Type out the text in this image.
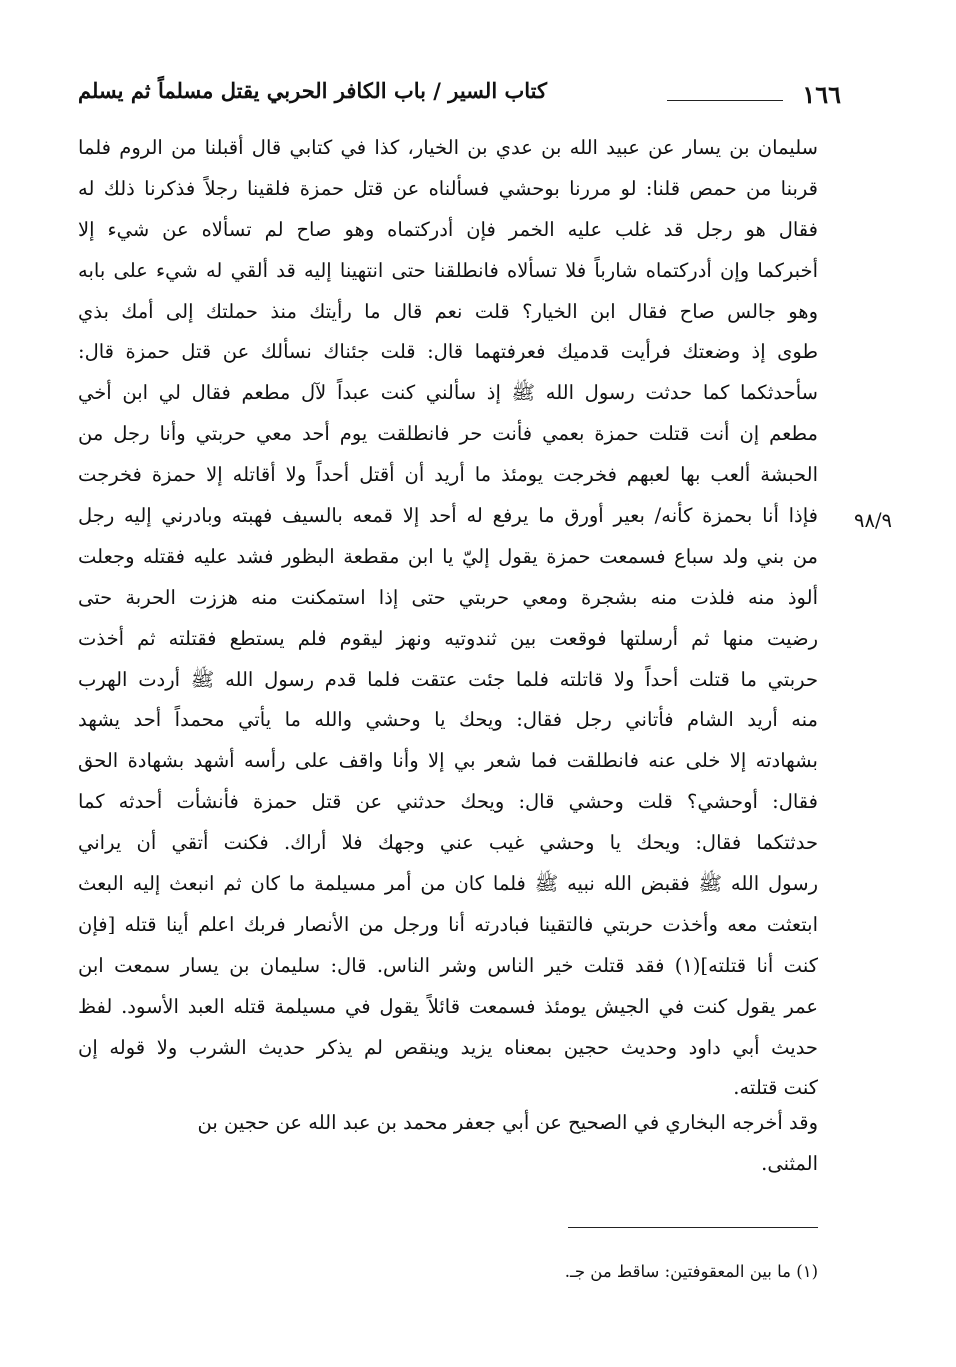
١٦٦
كتاب السير / باب الكافر الحربي يقتل مسلماً ثم يسلم
٩٨/٩
سليمان بن يسار عن عبيد الله بن عدي بن الخيار، كذا في كتابي قال أقبلنا من الروم فلما
قربنا من حمص قلنا: لو مررنا بوحشي فسألناه عن قتل حمزة فلقينا رجلاً فذكرنا ذلك له
فقال هو رجل قد غلب عليه الخمر فإن أدركتماه وهو صاح لم تسألاه عن شيء إلا
أخبركما وإن أدركتماه شارباً فلا تسألاه فانطلقنا حتى انتهينا إليه قد ألقي له شيء على بابه
وهو جالس صاح فقال ابن الخيار؟ قلت نعم قال ما رأيتك منذ حملتك إلى أمك بذي
طوى إذ وضعتك فرأيت قدميك فعرفتهما قال: قلت جئناك نسألك عن قتل حمزة قال:
سأحدثكما كما حدثت رسول الله ﷺ إذ سألني كنت عبداً لآل مطعم فقال لي ابن أخي
مطعم إن أنت قتلت حمزة بعمي فأنت حر فانطلقت يوم أحد معي حربتي وأنا رجل من
الحبشة ألعب بها لعبهم فخرجت يومئذ ما أريد أن أقتل أحداً ولا أقاتله إلا حمزة فخرجت
فإذا أنا بحمزة كأنه/ بعير أورق ما يرفع له أحد إلا قمعه بالسيف فهبته وبادرني إليه رجل
من بني ولد سباع فسمعت حمزة يقول إليّ يا ابن مقطعة البظور فشد عليه فقتله وجعلت
ألوذ منه فلذت منه بشجرة ومعي حربتي حتى إذا استمكنت منه هززت الحربة حتى
رضيت منها ثم أرسلتها فوقعت بين ثندوتيه ونهز ليقوم فلم يستطع فقتلته ثم أخذت
حربتي ما قتلت أحداً ولا قاتلته فلما جئت عتقت فلما قدم رسول الله ﷺ أردت الهرب
منه أريد الشام فأتاني رجل فقال: ويحك يا وحشي والله ما يأتي محمداً أحد يشهد
بشهادته إلا خلى عنه فانطلقت فما شعر بي إلا وأنا واقف على رأسه أشهد بشهادة الحق
فقال: أوحشي؟ قلت وحشي قال: ويحك حدثني عن قتل حمزة فأنشأت أحدثه كما
حدثتكما فقال: ويحك يا وحشي غيب عني وجهك فلا أراك. فكنت أتقي أن يراني
رسول الله ﷺ فقبض الله نبيه ﷺ فلما كان من أمر مسيلمة ما كان ثم انبعث إليه البعث
ابتعثت معه وأخذت حربتي فالتقينا فبادرته أنا ورجل من الأنصار فربك اعلم أينا قتله [فإن
كنت أنا قتلته](١) فقد قتلت خير الناس وشر الناس. قال: سليمان بن يسار سمعت ابن
عمر يقول كنت في الجيش يومئذ فسمعت قائلاً يقول في مسيلمة قتله العبد الأسود. لفظ
حديث أبي داود وحديث حجين بمعناه يزيد وينقص لم يذكر حديث الشرب ولا قوله إن
كنت قتلته.
وقد أخرجه البخاري في الصحيح عن أبي جعفر محمد بن عبد الله عن حجين بن
المثنى.
(١) ما بين المعقوفتين: ساقط من جـ.
